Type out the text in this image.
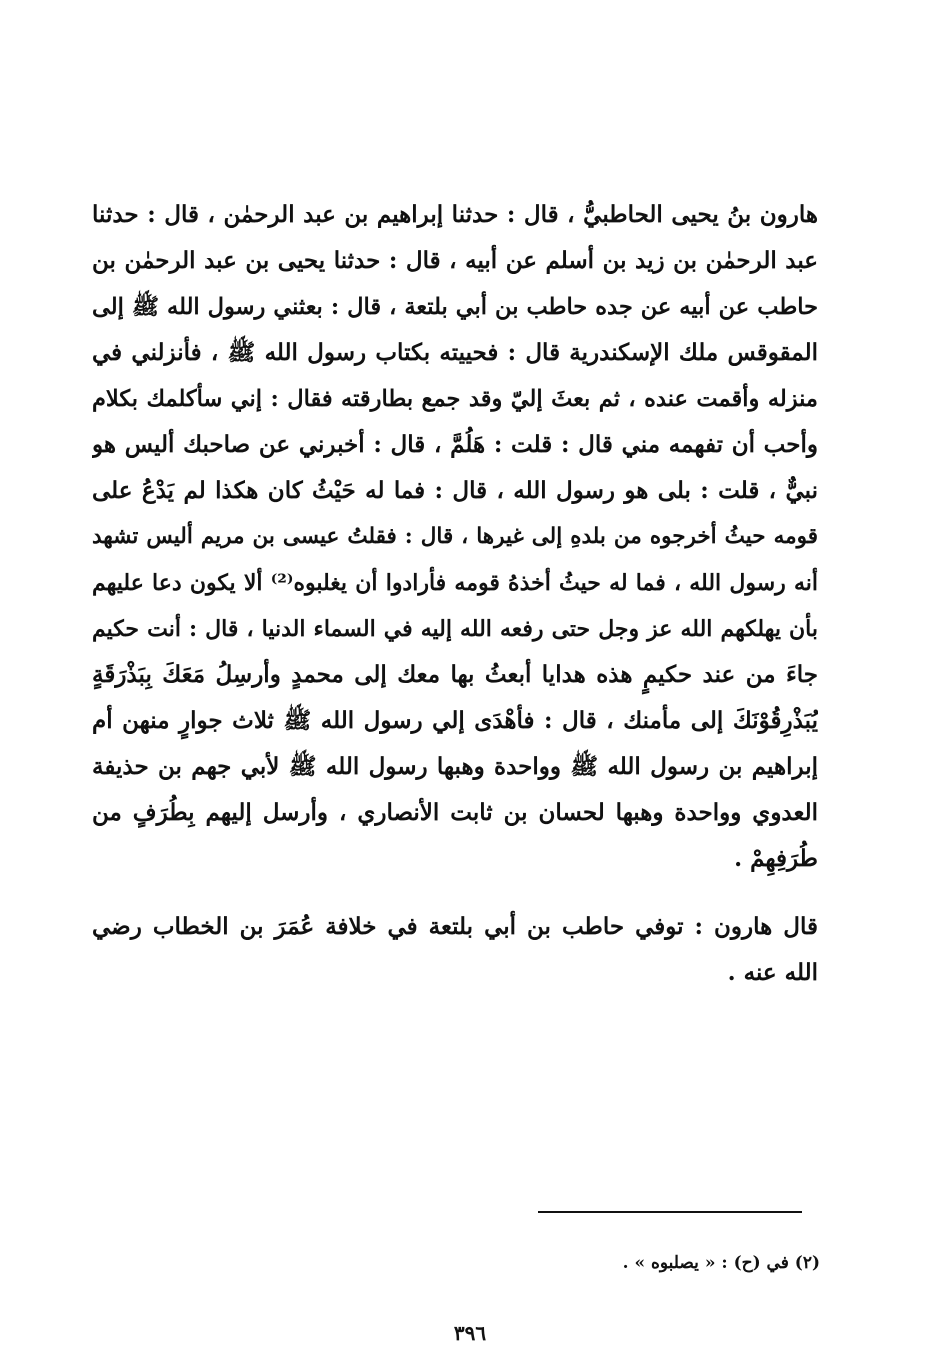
هارون بنُ يحيى الحاطبيُّ ، قال : حدثنا إبراهيم بن عبد الرحمٰن ، قال : حدثنا
عبد الرحمٰن بن زيد بن أسلم عن أبيه ، قال : حدثنا يحيى بن عبد الرحمٰن بن
حاطب عن أبيه عن جده حاطب بن أبي بلتعة ، قال : بعثني رسول الله ﷺ إلى
المقوقس ملك الإسكندرية قال : فحييته بكتاب رسول الله ﷺ ، فأنزلني في
منزله وأقمت عنده ، ثم بعثَ إليّ وقد جمع بطارقته فقال : إني سأكلمك بكلام
وأحب أن تفهمه مني قال : قلت : هَلُمَّ ، قال : أخبرني عن صاحبك أليس هو
نبيٌّ ، قلت : بلى هو رسول الله ، قال : فما له حَيْثُ كان هكذا لم يَدْعُ على
قومه حيثُ أخرجوه من بلدهِ إلى غيرها ، قال : فقلتُ عيسى بن مريم أليس تشهد
أنه رسول الله ، فما له حيثُ أخذهُ قومه فأرادوا أن يغلبوه⁽²⁾ ألا يكون دعا عليهم
بأن يهلكهم الله عز وجل حتى رفعه الله إليه في السماء الدنيا ، قال : أنت حكيم
جاءَ من عند حكيمٍ هذه هدايا أبعثُ بها معك إلى محمدٍ وأرسِلُ مَعَكَ بِبَذْرَقَةٍ
يُبَذْرِقُوْنَكَ إلى مأمنك ، قال : فأهْدَى إلي رسول الله ﷺ ثلاث جوارٍ منهن أم
إبراهيم بن رسول الله ﷺ وواحدة وهبها رسول الله ﷺ لأبي جهم بن حذيفة
العدوي وواحدة وهبها لحسان بن ثابت الأنصاري ، وأرسل إليهم بِطُرَفٍ من
طُرَفِهِمْ .
قال هارون : توفي حاطب بن أبي بلتعة في خلافة عُمَرَ بن الخطاب رضي
الله عنه .
(٢) في (ح) : « يصلبوه » .
٣٩٦
